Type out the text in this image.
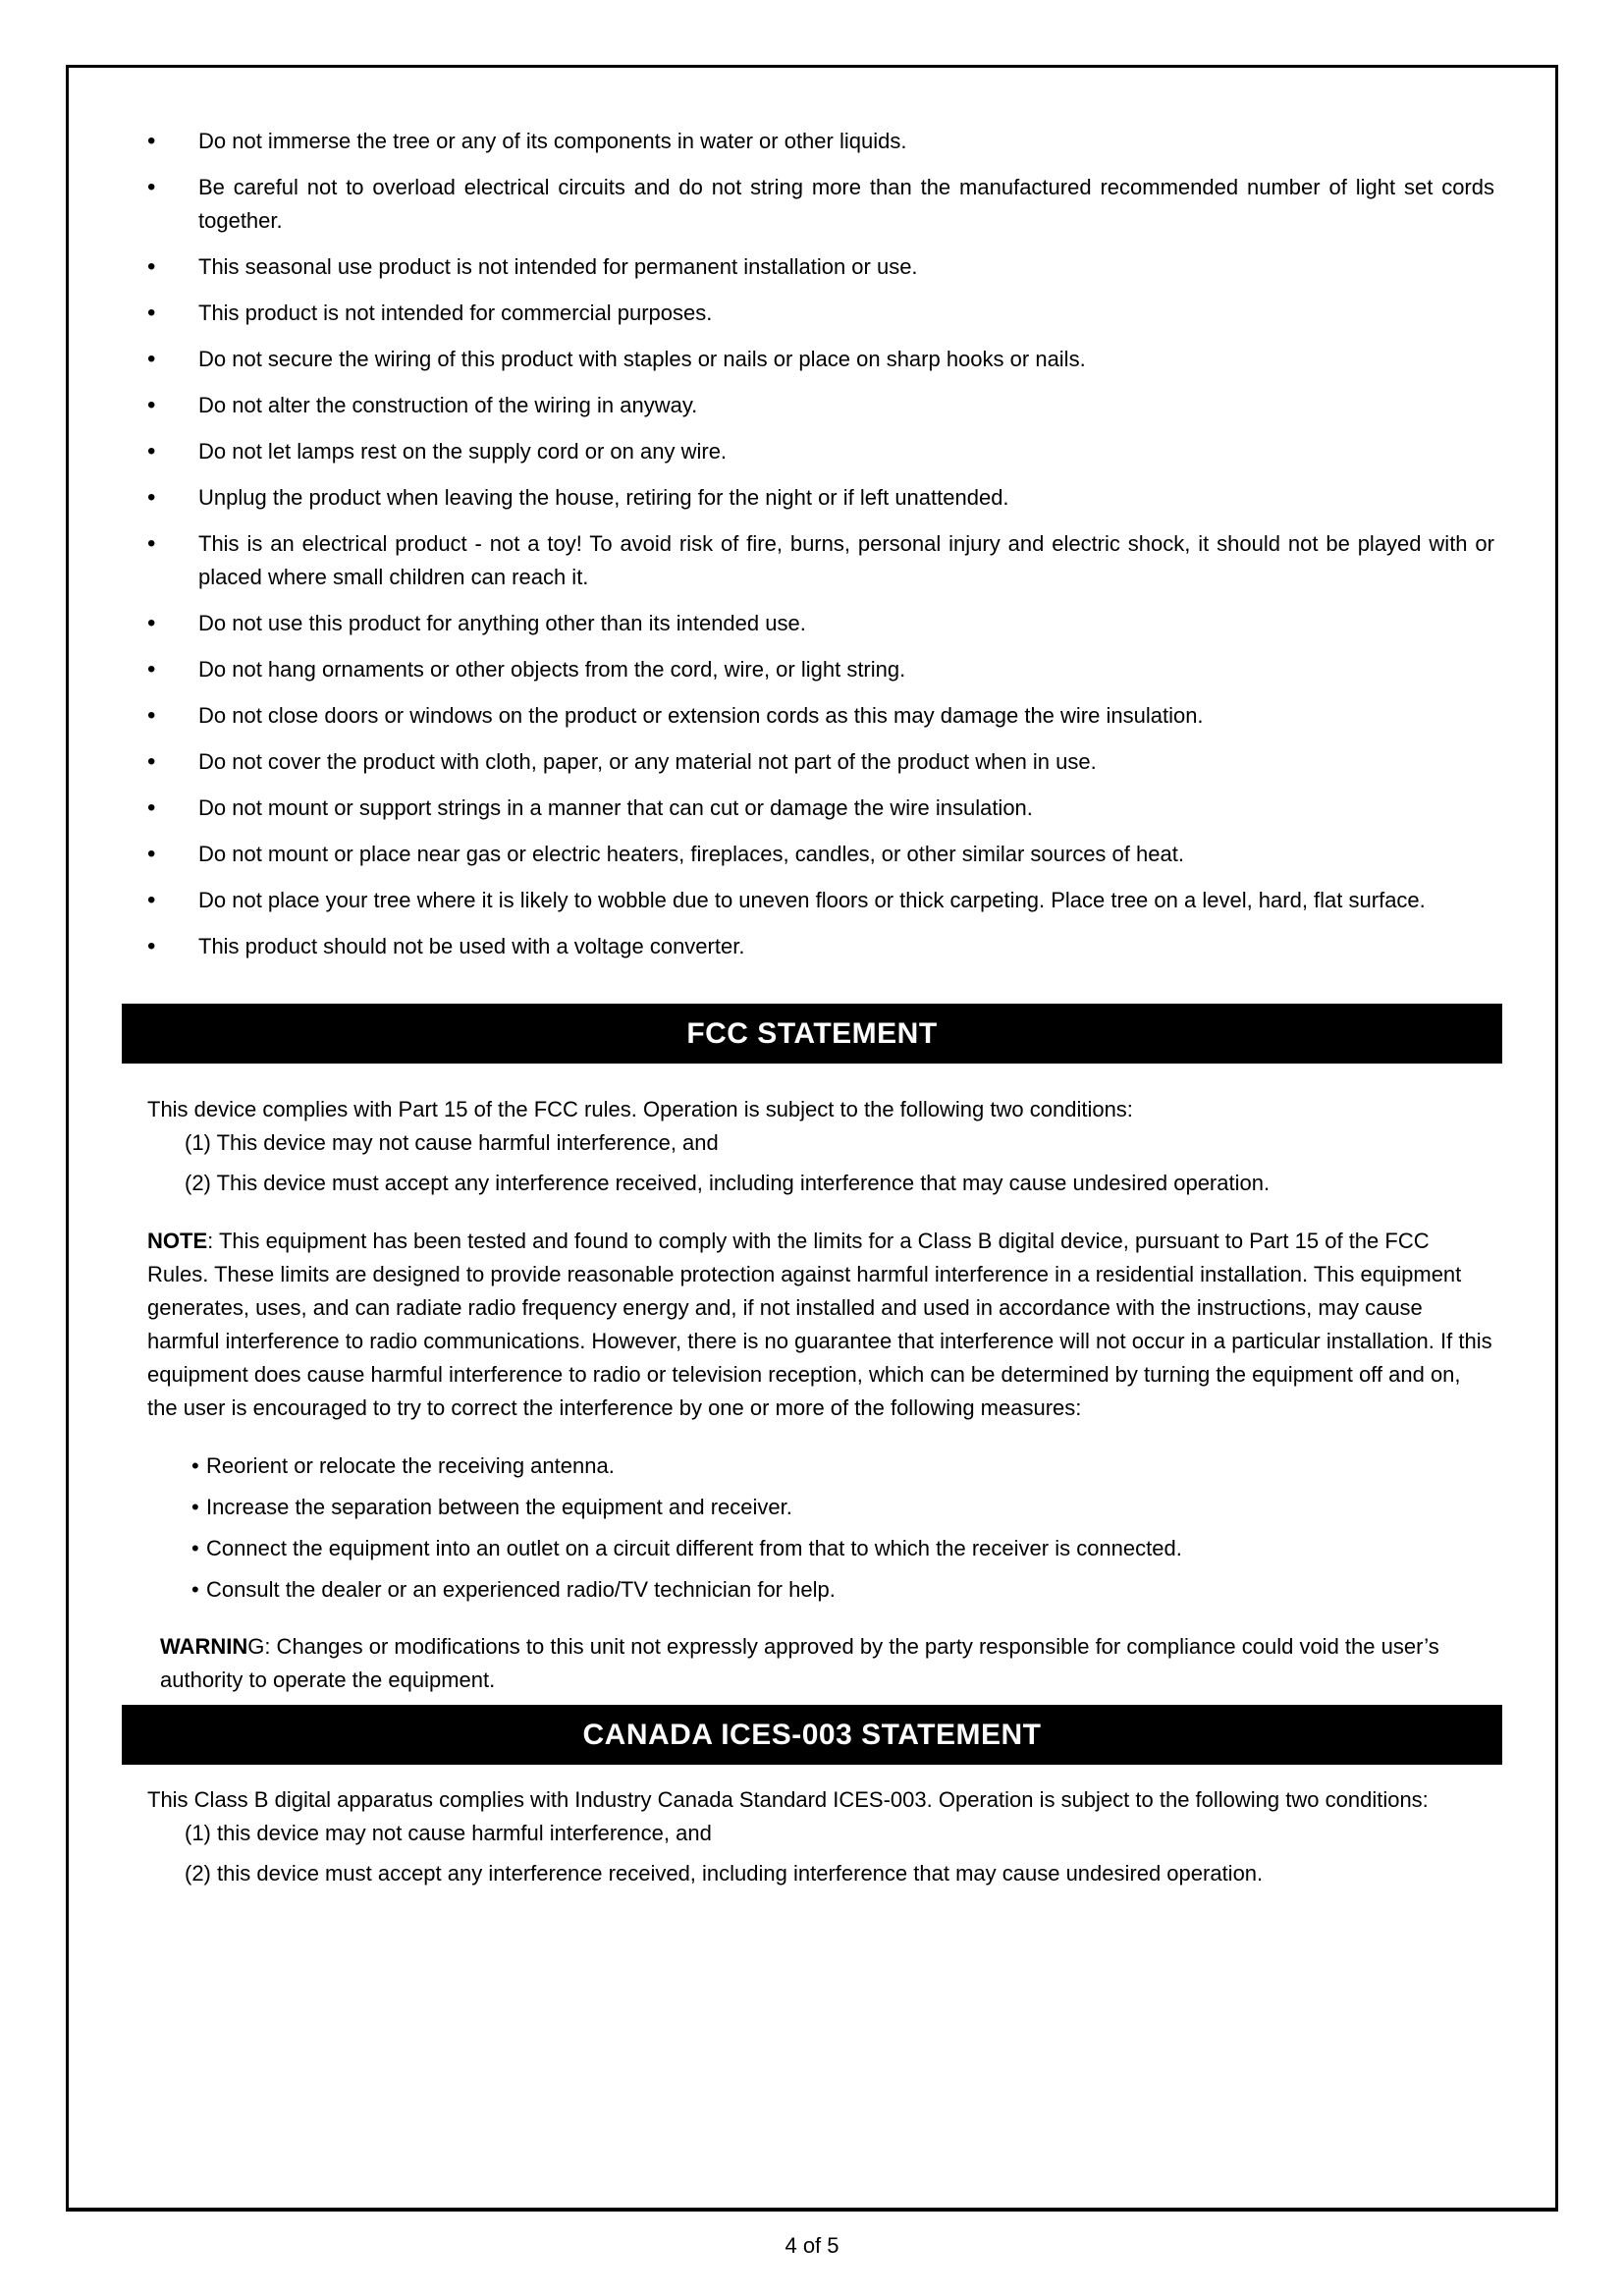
• Do not immerse the tree or any of its components in water or other liquids.
• Be careful not to overload electrical circuits and do not string more than the manufactured recommended number of light set cords together.
• This seasonal use product is not intended for permanent installation or use.
• This product is not intended for commercial purposes.
• Do not secure the wiring of this product with staples or nails or place on sharp hooks or nails.
• Do not alter the construction of the wiring in anyway.
• Do not let lamps rest on the supply cord or on any wire.
• Unplug the product when leaving the house, retiring for the night or if left unattended.
• This is an electrical product - not a toy! To avoid risk of fire, burns, personal injury and electric shock, it should not be played with or placed where small children can reach it.
• Do not use this product for anything other than its intended use.
• Do not hang ornaments or other objects from the cord, wire, or light string.
• Do not close doors or windows on the product or extension cords as this may damage the wire insulation.
• Do not cover the product with cloth, paper, or any material not part of the product when in use.
• Do not mount or support strings in a manner that can cut or damage the wire insulation.
• Do not mount or place near gas or electric heaters, fireplaces, candles, or other similar sources of heat.
• Do not place your tree where it is likely to wobble due to uneven floors or thick carpeting. Place tree on a level, hard, flat surface.
• This product should not be used with a voltage converter.
FCC STATEMENT

This device complies with Part 15 of the FCC rules. Operation is subject to the following two conditions:

(1) This device may not cause harmful interference, and
(2) This device must accept any interference received, including interference that may cause undesired operation.

NOTE: This equipment has been tested and found to comply with the limits for a Class B digital device, pursuant to Part 15 of the FCC Rules. These limits are designed to provide reasonable protection against harmful interference in a residential installation. This equipment generates, uses, and can radiate radio frequency energy and, if not installed and used in accordance with the instructions, may cause harmful interference to radio communications. However, there is no guarantee that interference will not occur in a particular installation. If this equipment does cause harmful interference to radio or television reception, which can be determined by turning the equipment off and on, the user is encouraged to try to correct the interference by one or more of the following measures:

• Reorient or relocate the receiving antenna.
• Increase the separation between the equipment and receiver.
• Connect the equipment into an outlet on a circuit different from that to which the receiver is connected.
• Consult the dealer or an experienced radio/TV technician for help.

WARNING: Changes or modifications to this unit not expressly approved by the party responsible for compliance could void the user’s authority to operate the equipment.

CANADA ICES-003 STATEMENT

This Class B digital apparatus complies with Industry Canada Standard ICES-003. Operation is subject to the following two conditions:

(1) this device may not cause harmful interference, and
(2) this device must accept any interference received, including interference that may cause undesired operation.
4 of 5
